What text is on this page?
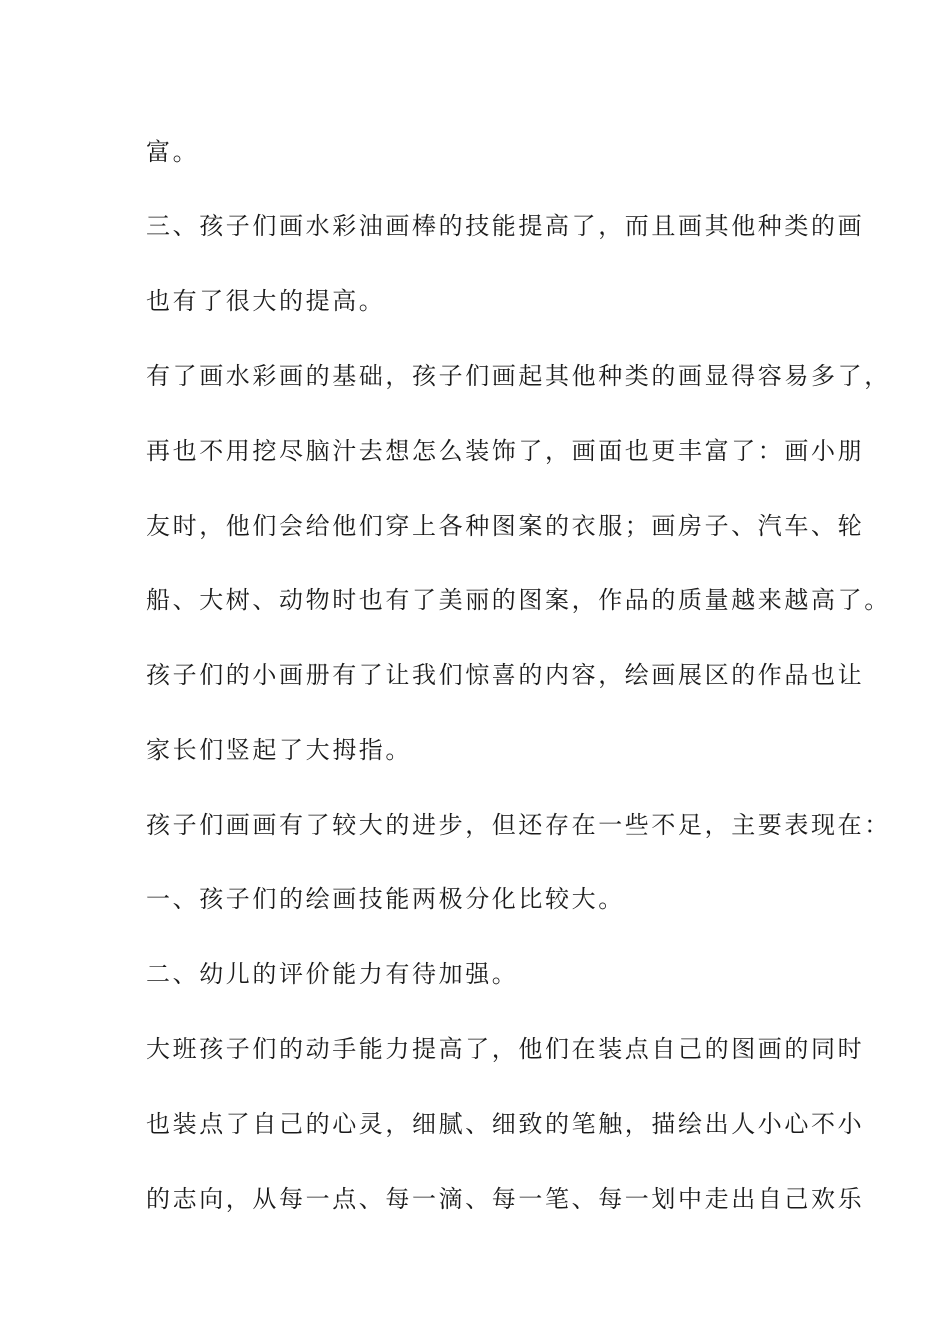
富。
三、孩子们画水彩油画棒的技能提高了，而且画其他种类的画
也有了很大的提高。
有了画水彩画的基础，孩子们画起其他种类的画显得容易多了，
再也不用挖尽脑汁去想怎么装饰了，画面也更丰富了：画小朋
友时，他们会给他们穿上各种图案的衣服；画房子、汽车、轮
船、大树、动物时也有了美丽的图案，作品的质量越来越高了。
孩子们的小画册有了让我们惊喜的内容，绘画展区的作品也让
家长们竖起了大拇指。
孩子们画画有了较大的进步，但还存在一些不足，主要表现在：
一、孩子们的绘画技能两极分化比较大。
二、幼儿的评价能力有待加强。
大班孩子们的动手能力提高了，他们在装点自己的图画的同时
也装点了自己的心灵，细腻、细致的笔触，描绘出人小心不小
的志向，从每一点、每一滴、每一笔、每一划中走出自己欢乐
